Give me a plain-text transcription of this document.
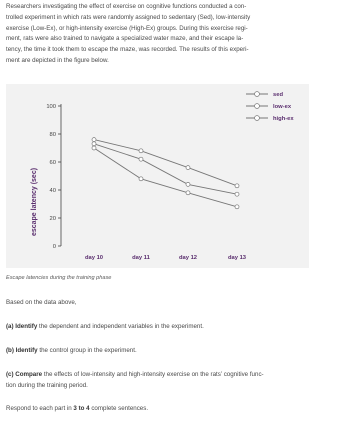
Researchers investigating the effect of exercise on cognitive functions conducted a con-
trolled experiment in which rats were randomly assigned to sedentary (Sed), low-intensity
exercise (Low-Ex), or high-intensity exercise (High-Ex) groups. During this exercise regi-
ment, rats were also trained to navigate a specialized water maze, and their escape la-
tency, the time it took them to escape the maze, was recorded. The results of this experi-
ment are depicted in the figure below.
escape latency (sec)
0
20
40
60
80
100
day 10	day 11	day 12	day 13
sed
low-ex
high-ex
Escape latencies during the training phase
Based on the data above,
(a) Identify the dependent and independent variables in the experiment.
(b) Identify the control group in the experiment.
(c) Compare the effects of low-intensity and high-intensity exercise on the rats’ cognitive func-
tion during the training period.
Respond to each part in 3 to 4 complete sentences.
